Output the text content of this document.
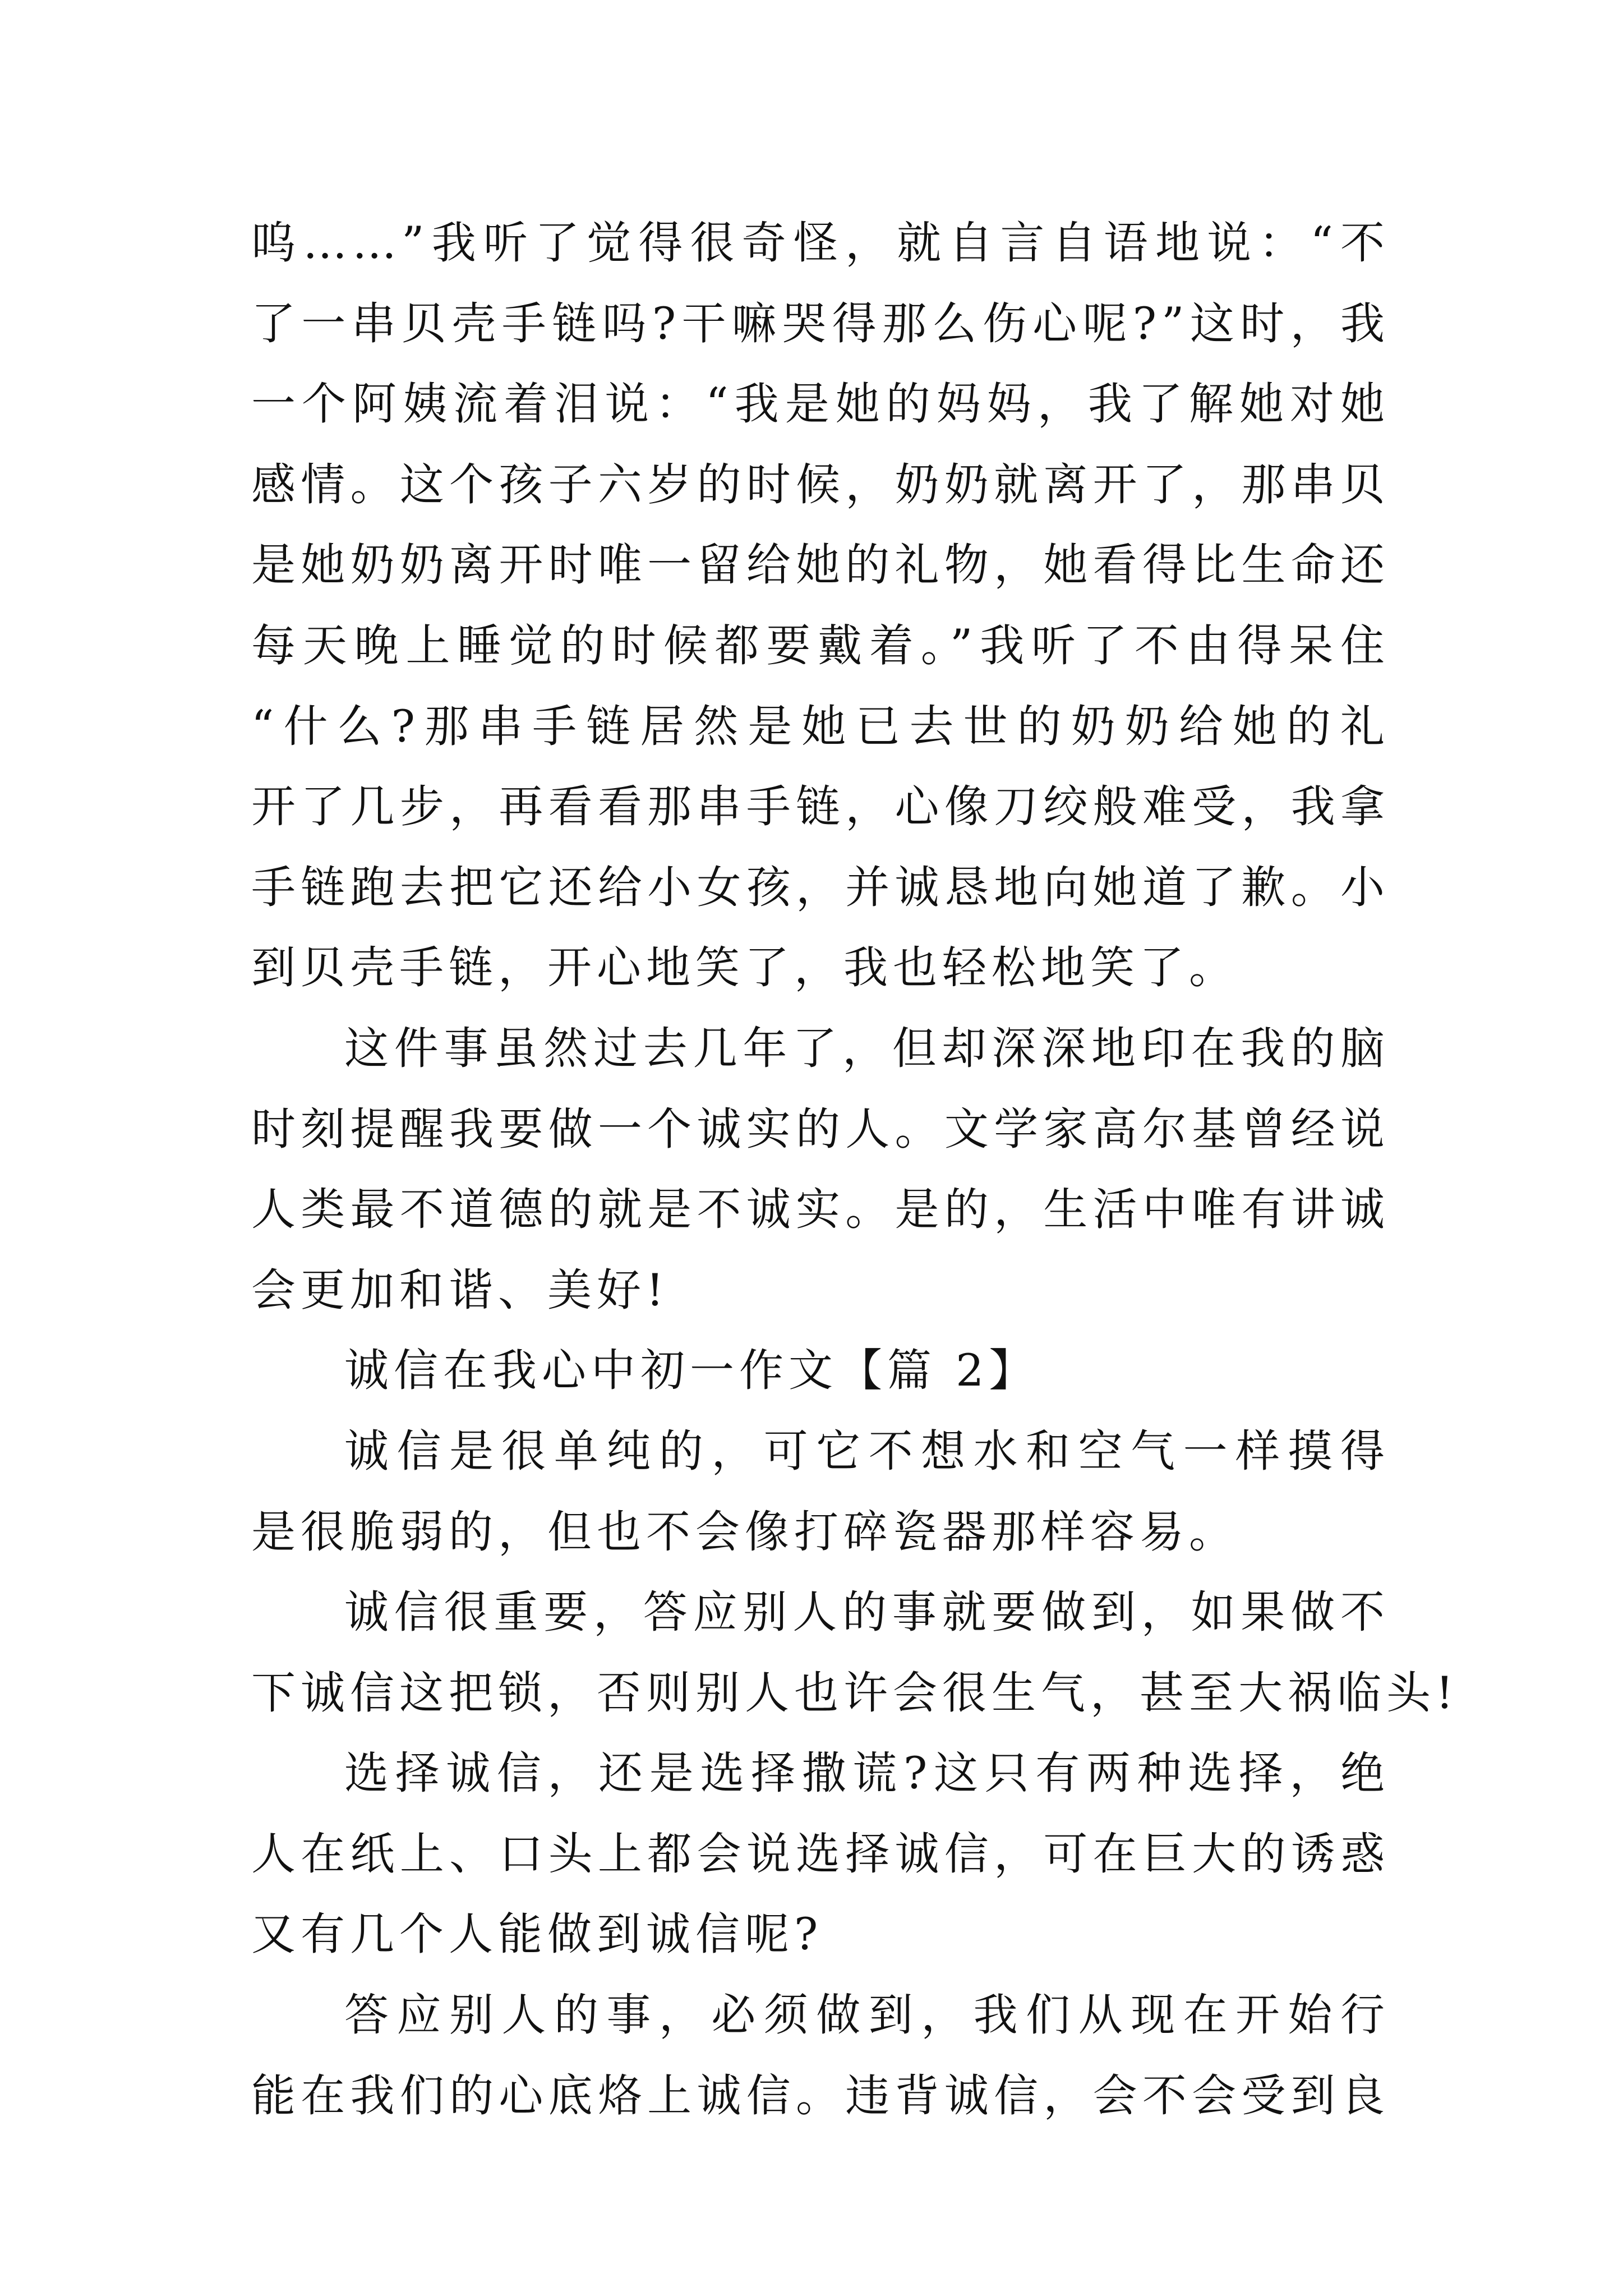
呜……”我听了觉得很奇怪，就自言自语地说：“不
了一串贝壳手链吗?干嘛哭得那么伤心呢?”这时，我
一个阿姨流着泪说：“我是她的妈妈，我了解她对她
感情。这个孩子六岁的时候，奶奶就离开了，那串贝
是她奶奶离开时唯一留给她的礼物，她看得比生命还
每天晚上睡觉的时候都要戴着。”我听了不由得呆住
“什么?那串手链居然是她已去世的奶奶给她的礼
开了几步，再看看那串手链，心像刀绞般难受，我拿
手链跑去把它还给小女孩，并诚恳地向她道了歉。小
到贝壳手链，开心地笑了，我也轻松地笑了。
这件事虽然过去几年了，但却深深地印在我的脑
时刻提醒我要做一个诚实的人。文学家高尔基曾经说
人类最不道德的就是不诚实。是的，生活中唯有讲诚
会更加和谐、美好!
诚信在我心中初一作文【篇 2】
诚信是很单纯的，可它不想水和空气一样摸得
是很脆弱的，但也不会像打碎瓷器那样容易。
诚信很重要，答应别人的事就要做到，如果做不
下诚信这把锁，否则别人也许会很生气，甚至大祸临头!
选择诚信，还是选择撒谎?这只有两种选择，绝
人在纸上、口头上都会说选择诚信，可在巨大的诱惑
又有几个人能做到诚信呢?
答应别人的事，必须做到，我们从现在开始行
能在我们的心底烙上诚信。违背诚信，会不会受到良
